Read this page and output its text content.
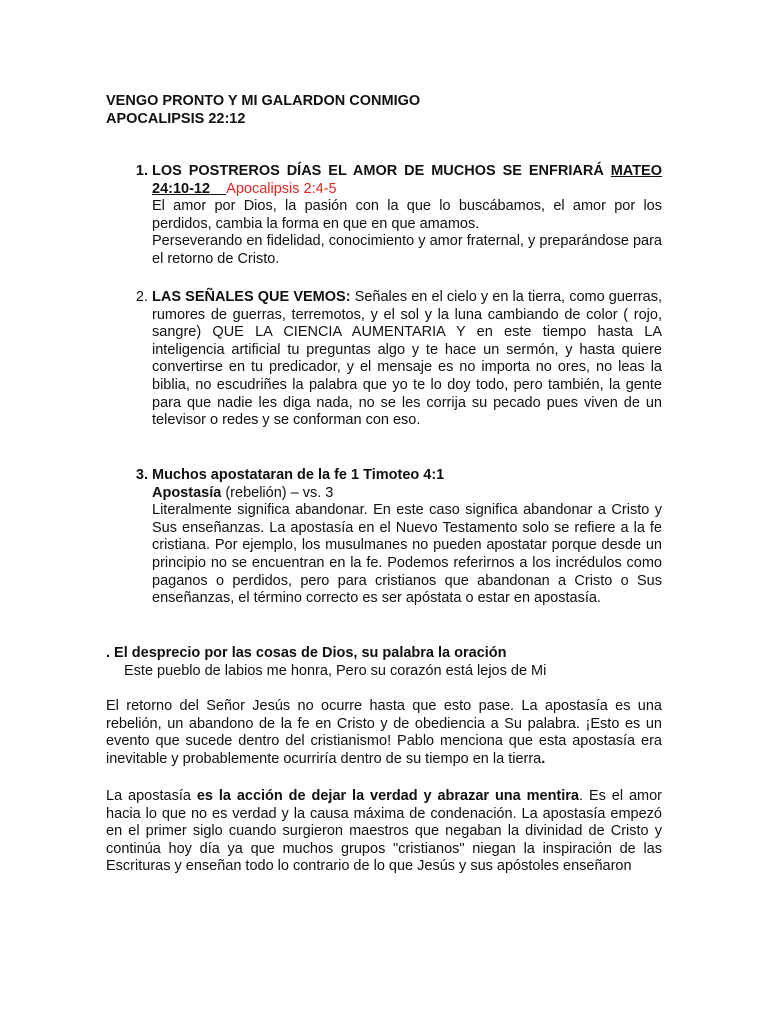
VENGO PRONTO Y MI GALARDON CONMIGO
APOCALIPSIS 22:12
1. LOS POSTREROS DÍAS EL AMOR DE MUCHOS SE ENFRIARÁ MATEO 24:10-12 Apocalipsis 2:4-5

El amor por Dios, la pasión con la que lo buscábamos, el amor por los perdidos, cambia la forma en que en que amamos.

Perseverando en fidelidad, conocimiento y amor fraternal, y preparándose para el retorno de Cristo.

2. LAS SEÑALES QUE VEMOS: Señales en el cielo y en la tierra, como guerras, rumores de guerras, terremotos, y el sol y la luna cambiando de color ( rojo, sangre) QUE LA CIENCIA AUMENTARIA Y en este tiempo hasta LA inteligencia artificial tu preguntas algo y te hace un sermón, y hasta quiere convertirse en tu predicador, y el mensaje es no importa no ores, no leas la biblia, no escudriñes la palabra que yo te lo doy todo, pero también, la gente para que nadie les diga nada, no se les corrija su pecado pues viven de un televisor o redes y se conforman con eso.

3. Muchos apostataran de la fe 1 Timoteo 4:1
Apostasía (rebelión) – vs. 3

Literalmente significa abandonar. En este caso significa abandonar a Cristo y Sus enseñanzas. La apostasía en el Nuevo Testamento solo se refiere a la fe cristiana. Por ejemplo, los musulmanes no pueden apostatar porque desde un principio no se encuentran en la fe. Podemos referirnos a los incrédulos como paganos o perdidos, pero para cristianos que abandonan a Cristo o Sus enseñanzas, el término correcto es ser apóstata o estar en apostasía.

. El desprecio por las cosas de Dios, su palabra la oración
Este pueblo de labios me honra, Pero su corazón está lejos de Mi
El retorno del Señor Jesús no ocurre hasta que esto pase. La apostasía es una rebelión, un abandono de la fe en Cristo y de obediencia a Su palabra. ¡Esto es un evento que sucede dentro del cristianismo! Pablo menciona que esta apostasía era inevitable y probablemente ocurriría dentro de su tiempo en la tierra.
La apostasía es la acción de dejar la verdad y abrazar una mentira. Es el amor hacia lo que no es verdad y la causa máxima de condenación. La apostasía empezó en el primer siglo cuando surgieron maestros que negaban la divinidad de Cristo y continúa hoy día ya que muchos grupos "cristianos" niegan la inspiración de las Escrituras y enseñan todo lo contrario de lo que Jesús y sus apóstoles enseñaron
